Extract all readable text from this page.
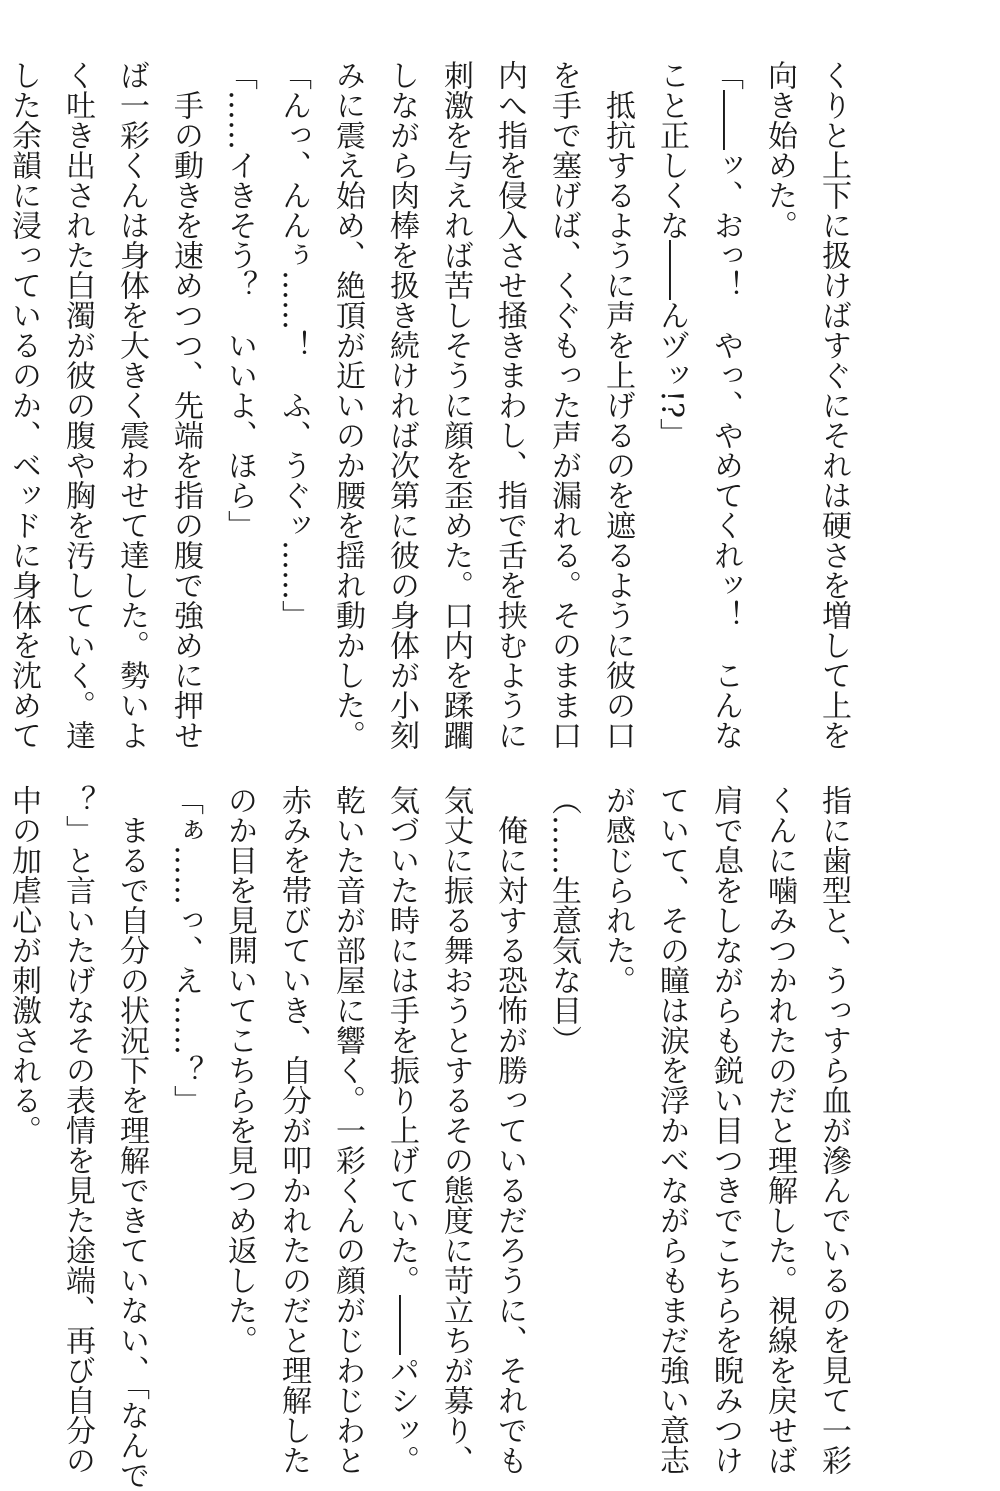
くりと上下に扱けばすぐにそれは硬さを増して上を
向き始めた。
「――ッ、おっ！　やっ、やめてくれッ！　こんな
こと正しくな――んヅッ!?」
　抵抗するように声を上げるのを遮るように彼の口
を手で塞げば、くぐもった声が漏れる。そのまま口
内へ指を侵入させ掻きまわし、指で舌を挟むように
刺激を与えれば苦しそうに顔を歪めた。口内を蹂躙
しながら肉棒を扱き続ければ次第に彼の身体が小刻
みに震え始め、絶頂が近いのか腰を揺れ動かした。
「んっ、んんぅ……！　ふ、うぐッ……」
「……イきそう？　いいよ、ほら」
　手の動きを速めつつ、先端を指の腹で強めに押せ
ば一彩くんは身体を大きく震わせて達した。勢いよ
く吐き出された白濁が彼の腹や胸を汚していく。達
した余韻に浸っているのか、ベッドに身体を沈めて
指に歯型と、うっすら血が滲んでいるのを見て一彩
くんに噛みつかれたのだと理解した。視線を戻せば
肩で息をしながらも鋭い目つきでこちらを睨みつけ
ていて、その瞳は涙を浮かべながらもまだ強い意志
が感じられた。
（……生意気な目）
　俺に対する恐怖が勝っているだろうに、それでも
気丈に振る舞おうとするその態度に苛立ちが募り、
気づいた時には手を振り上げていた。――パシッ。
乾いた音が部屋に響く。一彩くんの顔がじわじわと
赤みを帯びていき、自分が叩かれたのだと理解した
のか目を見開いてこちらを見つめ返した。
「ぁ……っ、え……？」
　まるで自分の状況下を理解できていない、「なんで
？」と言いたげなその表情を見た途端、再び自分の
中の加虐心が刺激される。
